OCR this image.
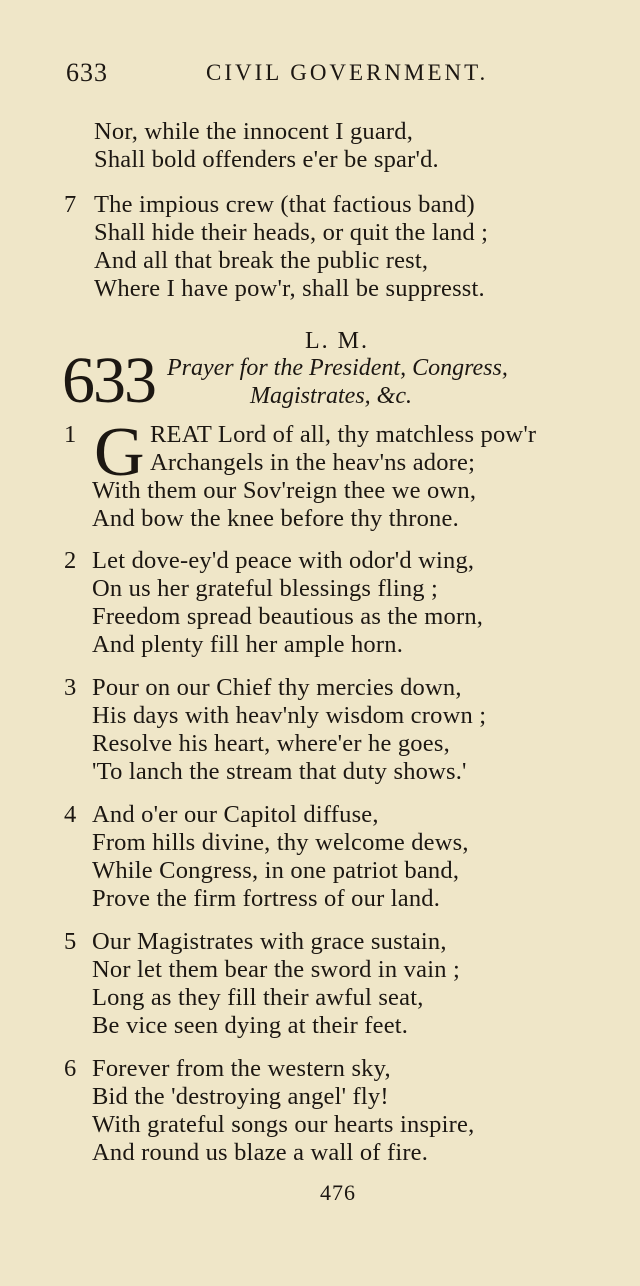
633	CIVIL GOVERNMENT.
Nor, while the innocent I guard,
Shall bold offenders e'er be spar'd.
7 The impious crew (that factious band)
Shall hide their heads, or quit the land ;
And all that break the public rest,
Where I have pow'r, shall be suppresst.
L. M.
633 Prayer for the President, Congress,
Magistrates, &c.
1 G REAT Lord of all, thy matchless pow'r
Archangels in the heav'ns adore;
With them our Sov'reign thee we own,
And bow the knee before thy throne.
2 Let dove-ey'd peace with odor'd wing,
On us her grateful blessings fling ;
Freedom spread beautious as the morn,
And plenty fill her ample horn.
3 Pour on our Chief thy mercies down,
His days with heav'nly wisdom crown ;
Resolve his heart, where'er he goes,
'To lanch the stream that duty shows.'
4 And o'er our Capitol diffuse,
From hills divine, thy welcome dews,
While Congress, in one patriot band,
Prove the firm fortress of our land.
5 Our Magistrates with grace sustain,
Nor let them bear the sword in vain ;
Long as they fill their awful seat,
Be vice seen dying at their feet.
6 Forever from the western sky,
Bid the 'destroying angel' fly!
With grateful songs our hearts inspire,
And round us blaze a wall of fire.
476
